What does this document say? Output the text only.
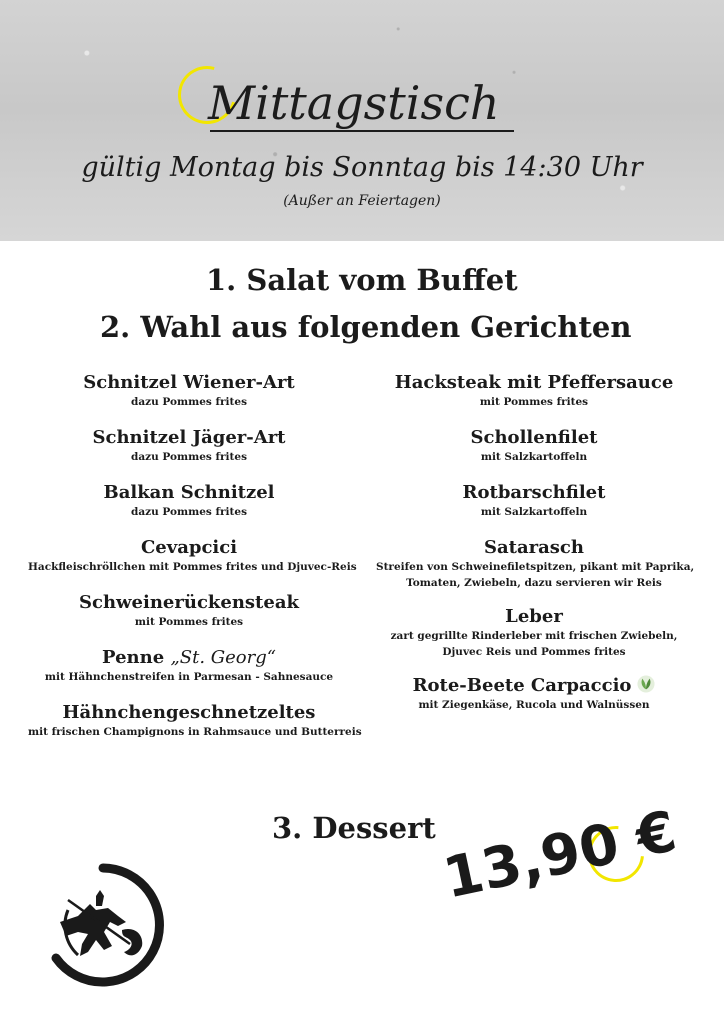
Mittagstisch
gültig Montag bis Sonntag bis 14:30 Uhr
(Außer an Feiertagen)
1. Salat vom Buffet
2. Wahl aus folgenden Gerichten
Schnitzel Wiener-Art
dazu Pommes frites
Schnitzel Jäger-Art
dazu Pommes frites
Balkan Schnitzel
dazu Pommes frites
Cevapcici
Hackfleischröllchen mit Pommes frites und Djuvec-Reis
Schweinerückensteak
mit Pommes frites
Penne „St. Georg“
mit Hähnchenstreifen in Parmesan - Sahnesauce
Hähnchengeschnetzeltes
mit frischen Champignons in Rahmsauce und Butterreis
Hacksteak mit Pfeffersauce
mit Pommes frites
Schollenfilet
mit Salzkartoffeln
Rotbarschfilet
mit Salzkartoffeln
Satarasch
Streifen von Schweinefiletspitzen, pikant mit Paprika,
Tomaten, Zwiebeln, dazu servieren wir Reis
Leber
zart gegrillte Rinderleber mit frischen Zwiebeln,
Djuvec Reis und Pommes frites
Rote-Beete Carpaccio
mit Ziegenkäse, Rucola und Walnüssen
3. Dessert 13,90 €
